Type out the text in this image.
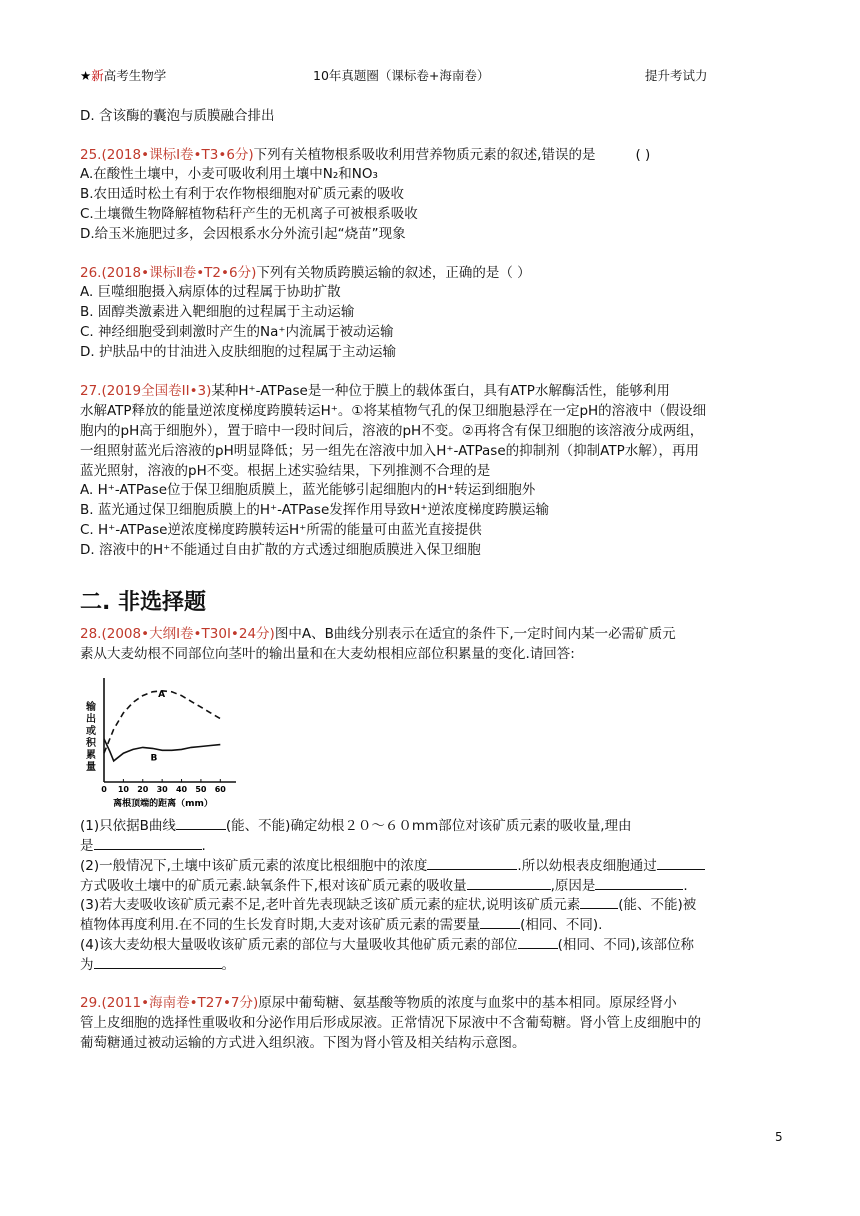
★新高考生物学	10年真题圈（课标卷+海南卷）	提升考试力
D. 含该酶的囊泡与质膜融合排出
25.(2018•课标Ⅰ卷•T3•6分)下列有关植物根系吸收利用营养物质元素的叙述,错误的是	( )
A.在酸性土壤中，小麦可吸收利用土壤中N₂和NO₃
B.农田适时松土有利于农作物根细胞对矿质元素的吸收
C.土壤微生物降解植物秸秆产生的无机离子可被根系吸收
D.给玉米施肥过多，会因根系水分外流引起“烧苗”现象
26.(2018•课标Ⅱ卷•T2•6分)下列有关物质跨膜运输的叙述，正确的是（ ）
A. 巨噬细胞摄入病原体的过程属于协助扩散
B. 固醇类激素进入靶细胞的过程属于主动运输
C. 神经细胞受到刺激时产生的Na⁺内流属于被动运输
D. 护肤品中的甘油进入皮肤细胞的过程属于主动运输
27.(2019全国卷II•3)某种H⁺-ATPase是一种位于膜上的载体蛋白，具有ATP水解酶活性，能够利用
水解ATP释放的能量逆浓度梯度跨膜转运H⁺。①将某植物气孔的保卫细胞悬浮在一定pH的溶液中（假设细
胞内的pH高于细胞外），置于暗中一段时间后，溶液的pH不变。②再将含有保卫细胞的该溶液分成两组，
一组照射蓝光后溶液的pH明显降低；另一组先在溶液中加入H⁺-ATPase的抑制剂（抑制ATP水解），再用
蓝光照射，溶液的pH不变。根据上述实验结果，下列推测不合理的是
A. H⁺-ATPase位于保卫细胞质膜上，蓝光能够引起细胞内的H⁺转运到细胞外
B. 蓝光通过保卫细胞质膜上的H⁺-ATPase发挥作用导致H⁺逆浓度梯度跨膜运输
C. H⁺-ATPase逆浓度梯度跨膜转运H⁺所需的能量可由蓝光直接提供
D. 溶液中的H⁺不能通过自由扩散的方式透过细胞质膜进入保卫细胞
二. 非选择题
28.(2008•大纲Ⅰ卷•T30Ⅰ•24分)图中A、B曲线分别表示在适宜的条件下,一定时间内某一必需矿质元
素从大麦幼根不同部位向茎叶的输出量和在大麦幼根相应部位积累量的变化.请回答:
输出或积累量
0 10 20 30 40 50 60
离根顶端的距离（mm）
A
B
(1)只依据B曲线	(能、不能)确定幼根２０～６０mm部位对该矿质元素的吸收量,理由
是	.
(2)一般情况下,土壤中该矿质元素的浓度比根细胞中的浓度	.所以幼根表皮细胞通过
方式吸收土壤中的矿质元素.缺氧条件下,根对该矿质元素的吸收量	,原因是	.
(3)若大麦吸收该矿质元素不足,老叶首先表现缺乏该矿质元素的症状,说明该矿质元素	(能、不能)被
植物体再度利用.在不同的生长发育时期,大麦对该矿质元素的需要量	(相同、不同).
(4)该大麦幼根大量吸收该矿质元素的部位与大量吸收其他矿质元素的部位	(相同、不同),该部位称
为	。
29.(2011•海南卷•T27•7分)原尿中葡萄糖、氨基酸等物质的浓度与血浆中的基本相同。原尿经肾小
管上皮细胞的选择性重吸收和分泌作用后形成尿液。正常情况下尿液中不含葡萄糖。肾小管上皮细胞中的
葡萄糖通过被动运输的方式进入组织液。下图为肾小管及相关结构示意图。
5
